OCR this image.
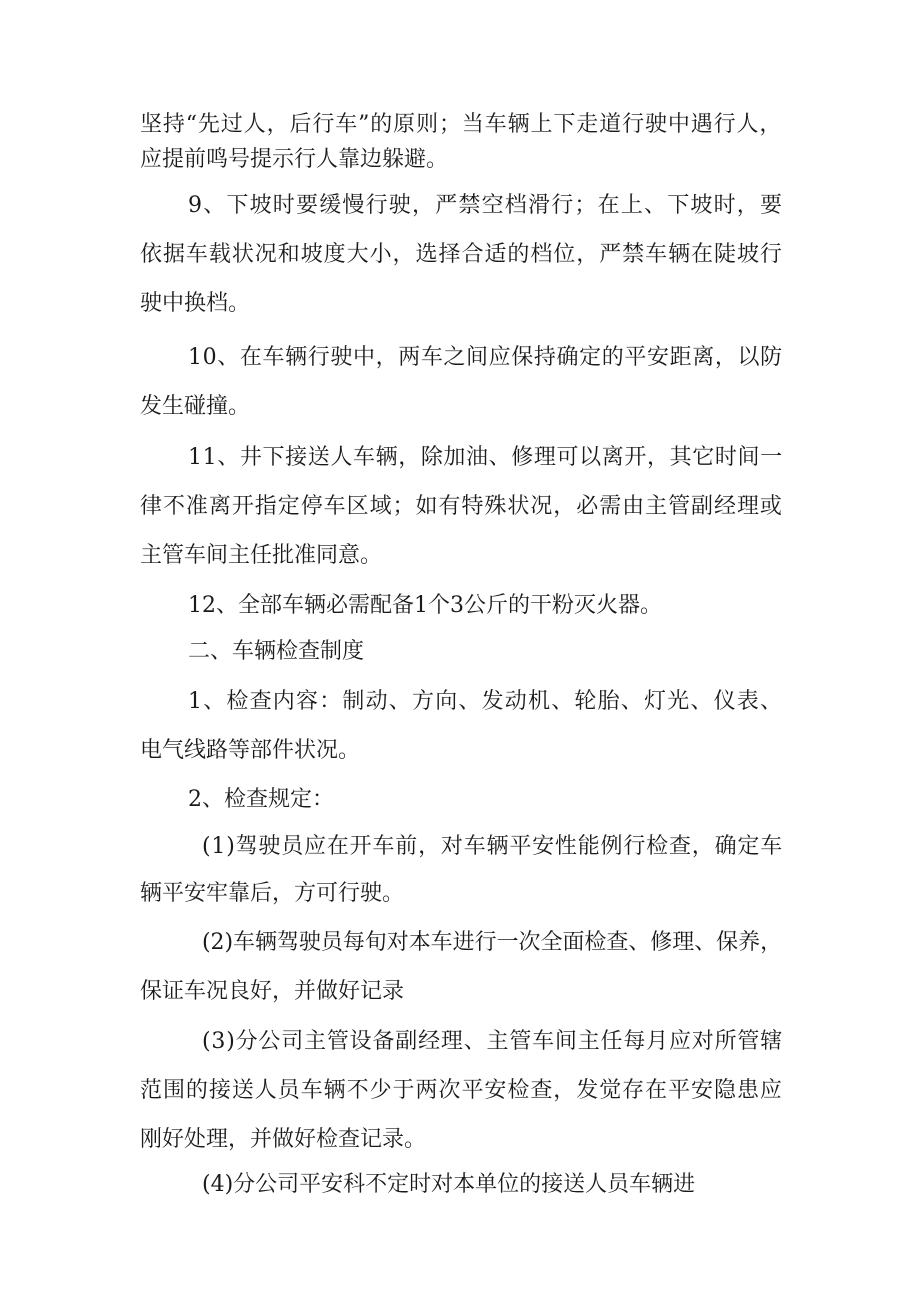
坚持“先过人，后行车”的原则；当车辆上下走道行驶中遇行人，
应提前鸣号提示行人靠边躲避。
9、下坡时要缓慢行驶，严禁空档滑行；在上、下坡时，要
依据车载状况和坡度大小，选择合适的档位，严禁车辆在陡坡行
驶中换档。
10、在车辆行驶中，两车之间应保持确定的平安距离，以防
发生碰撞。
11、井下接送人车辆，除加油、修理可以离开，其它时间一
律不准离开指定停车区域；如有特殊状况，必需由主管副经理或
主管车间主任批准同意。
12、全部车辆必需配备1个3公斤的干粉灭火器。
二、车辆检查制度
1、检查内容：制动、方向、发动机、轮胎、灯光、仪表、
电气线路等部件状况。
2、检查规定：
(1)驾驶员应在开车前，对车辆平安性能例行检查，确定车
辆平安牢靠后，方可行驶。
(2)车辆驾驶员每旬对本车进行一次全面检查、修理、保养，
保证车况良好，并做好记录
(3)分公司主管设备副经理、主管车间主任每月应对所管辖
范围的接送人员车辆不少于两次平安检查，发觉存在平安隐患应
刚好处理，并做好检查记录。
(4)分公司平安科不定时对本单位的接送人员车辆进
